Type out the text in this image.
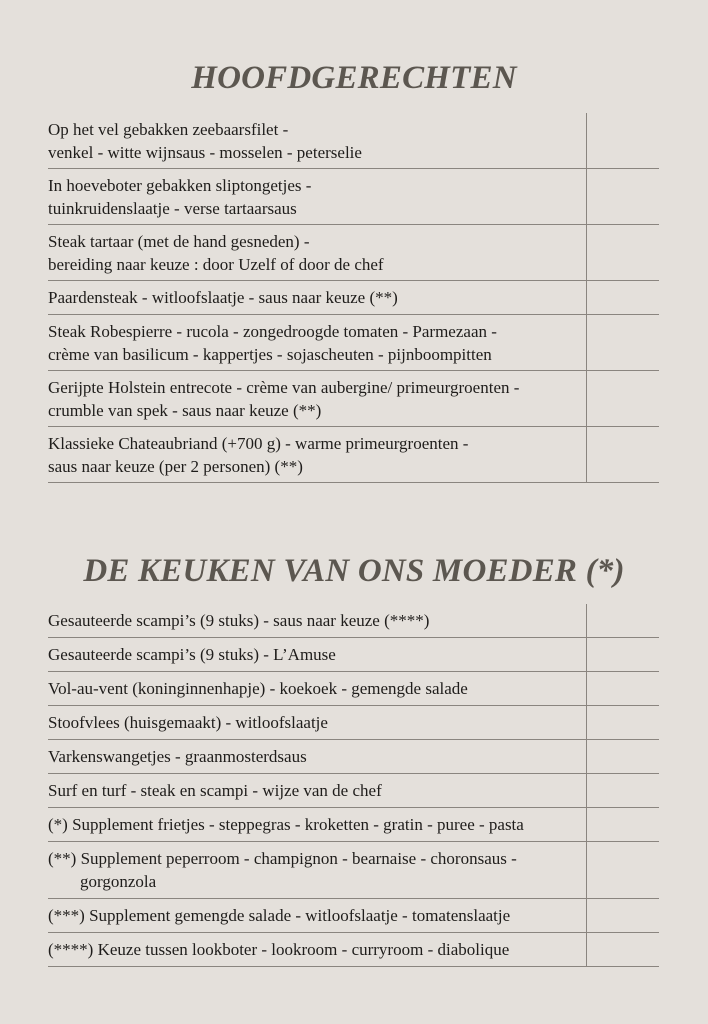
HOOFDGERECHTEN
Op het vel gebakken zeebaarsfilet -
venkel - witte wijnsaus - mosselen - peterselie
In hoeveboter gebakken sliptongetjes -
tuinkruidenslaatje - verse tartaarsaus
Steak tartaar (met de hand gesneden) -
bereiding naar keuze : door Uzelf of door de chef
Paardensteak - witloofslaatje - saus naar keuze (**)
Steak Robespierre - rucola - zongedroogde tomaten - Parmezaan -
crème van basilicum - kappertjes - sojascheuten - pijnboompitten
Gerijpte Holstein entrecote - crème van aubergine/ primeurgroenten -
crumble van spek - saus naar keuze (**)
Klassieke Chateaubriand (+700 g) - warme primeurgroenten -
saus naar keuze (per 2 personen) (**)
DE KEUKEN VAN ONS MOEDER (*)
Gesauteerde scampi’s (9 stuks) - saus naar keuze (****)
Gesauteerde scampi’s (9 stuks) - L’Amuse
Vol-au-vent (koninginnenhapje) - koekoek - gemengde salade
Stoofvlees (huisgemaakt) - witloofslaatje
Varkenswangetjes - graanmosterdsaus
Surf en turf - steak en scampi - wijze van de chef
(*) Supplement frietjes - steppegras - kroketten - gratin - puree - pasta
(**) Supplement peperroom - champignon - bearnaise - choronsaus -
gorgonzola
(***) Supplement gemengde salade - witloofslaatje - tomatenslaatje
(****) Keuze tussen lookboter - lookroom - curryroom - diabolique
